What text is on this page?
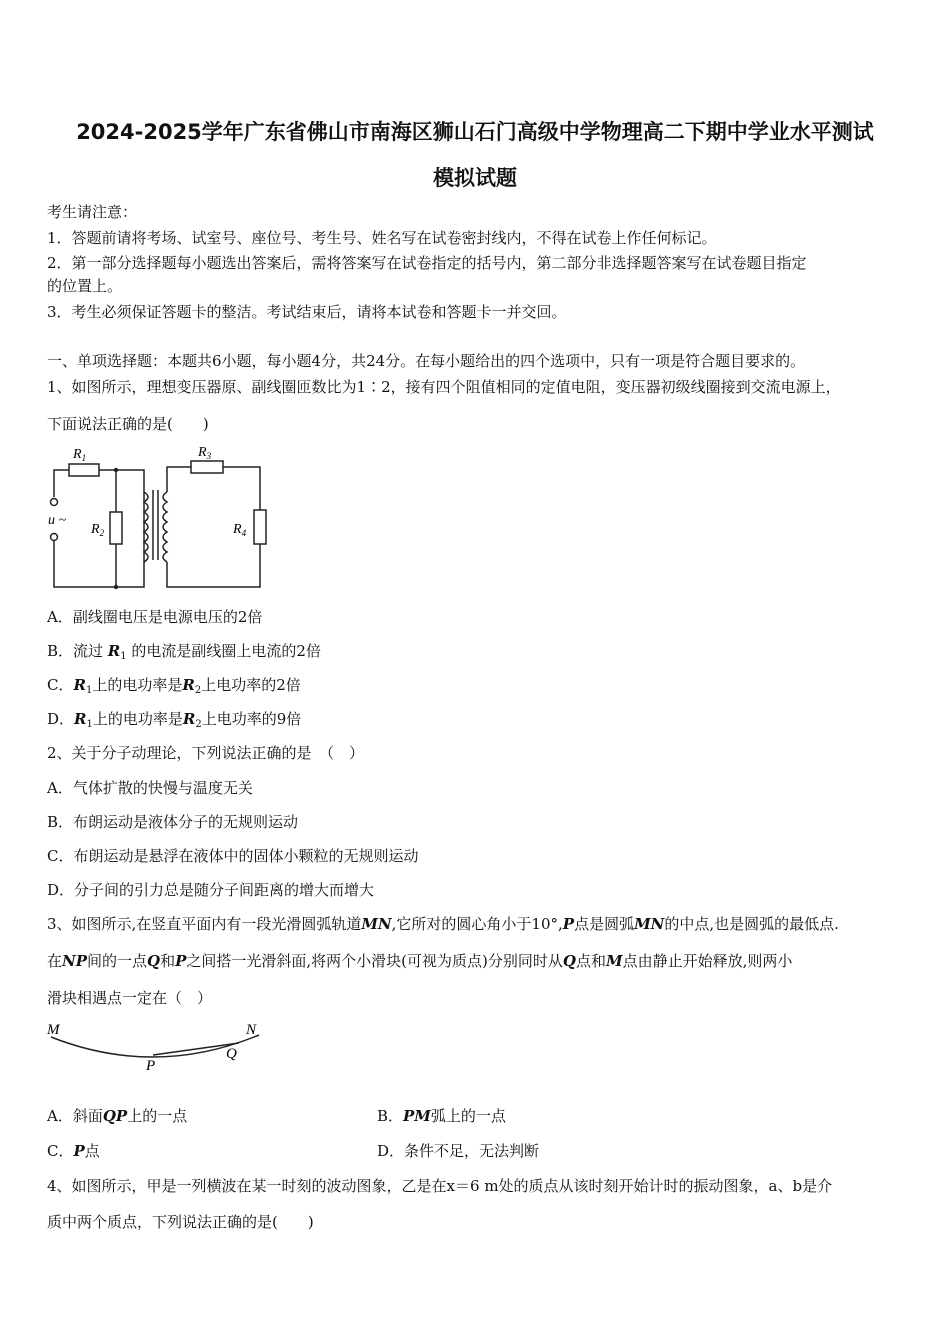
2024-2025学年广东省佛山市南海区狮山石门高级中学物理高二下期中学业水平测试
模拟试题
考生请注意：
1．答题前请将考场、试室号、座位号、考生号、姓名写在试卷密封线内，不得在试卷上作任何标记。
2．第一部分选择题每小题选出答案后，需将答案写在试卷指定的括号内，第二部分非选择题答案写在试卷题目指定
的位置上。
3．考生必须保证答题卡的整洁。考试结束后，请将本试卷和答题卡一并交回。
一、单项选择题：本题共6小题，每小题4分，共24分。在每小题给出的四个选项中，只有一项是符合题目要求的。
1、如图所示，理想变压器原、副线圈匝数比为1∶2，接有四个阻值相同的定值电阻，变压器初级线圈接到交流电源上，
下面说法正确的是(　　)
$R_1$
$R_2$
$R_3$
$R_4$
u ~
A．副线圈电压是电源电压的2倍
B．流过 $R_1$ 的电流是副线圈上电流的2倍
C．$R_1$上的电功率是$R_2$上电功率的2倍
D．$R_1$上的电功率是$R_2$上电功率的9倍
2、关于分子动理论，下列说法正确的是　（　）
A．气体扩散的快慢与温度无关
B．布朗运动是液体分子的无规则运动
C．布朗运动是悬浮在液体中的固体小颗粒的无规则运动
D．分子间的引力总是随分子间距离的增大而增大
3、如图所示,在竖直平面内有一段光滑圆弧轨道MN,它所对的圆心角小于10°,P点是圆弧MN的中点,也是圆弧的最低点.
在NP间的一点Q和P之间搭一光滑斜面,将两个小滑块(可视为质点)分别同时从Q点和M点由静止开始释放,则两小
滑块相遇点一定在（　）
M	N
P
Q
A．斜面QP上的一点	B．PM弧上的一点
C．P点	D．条件不足，无法判断
4、如图所示，甲是一列横波在某一时刻的波动图象，乙是在x＝6 m处的质点从该时刻开始计时的振动图象，a、b是介
质中两个质点，下列说法正确的是(　　)
